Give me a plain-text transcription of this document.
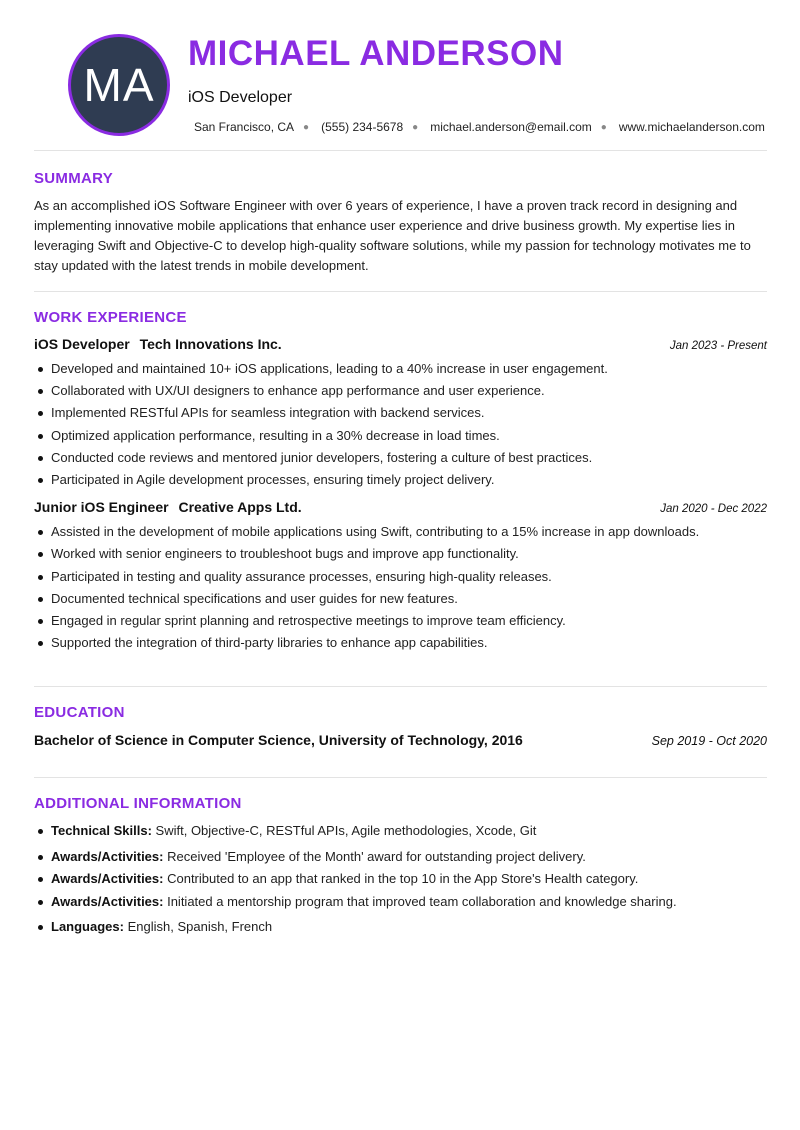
MA
MICHAEL ANDERSON
iOS Developer
San Francisco, CA ● (555) 234-5678 ● michael.anderson@email.com ● www.michaelanderson.com
SUMMARY
As an accomplished iOS Software Engineer with over 6 years of experience, I have a proven track record in designing and implementing innovative mobile applications that enhance user experience and drive business growth. My expertise lies in leveraging Swift and Objective-C to develop high-quality software solutions, while my passion for technology motivates me to stay updated with the latest trends in mobile development.
WORK EXPERIENCE
iOS Developer Tech Innovations Inc.	Jan 2023 - Present
Developed and maintained 10+ iOS applications, leading to a 40% increase in user engagement.
Collaborated with UX/UI designers to enhance app performance and user experience.
Implemented RESTful APIs for seamless integration with backend services.
Optimized application performance, resulting in a 30% decrease in load times.
Conducted code reviews and mentored junior developers, fostering a culture of best practices.
Participated in Agile development processes, ensuring timely project delivery.
Junior iOS Engineer Creative Apps Ltd.	Jan 2020 - Dec 2022
Assisted in the development of mobile applications using Swift, contributing to a 15% increase in app downloads.
Worked with senior engineers to troubleshoot bugs and improve app functionality.
Participated in testing and quality assurance processes, ensuring high-quality releases.
Documented technical specifications and user guides for new features.
Engaged in regular sprint planning and retrospective meetings to improve team efficiency.
Supported the integration of third-party libraries to enhance app capabilities.
EDUCATION
Bachelor of Science in Computer Science, University of Technology, 2016	Sep 2019 - Oct 2020
ADDITIONAL INFORMATION
Technical Skills: Swift, Objective-C, RESTful APIs, Agile methodologies, Xcode, Git
Awards/Activities: Received 'Employee of the Month' award for outstanding project delivery.
Awards/Activities: Contributed to an app that ranked in the top 10 in the App Store's Health category.
Awards/Activities: Initiated a mentorship program that improved team collaboration and knowledge sharing.
Languages: English, Spanish, French
